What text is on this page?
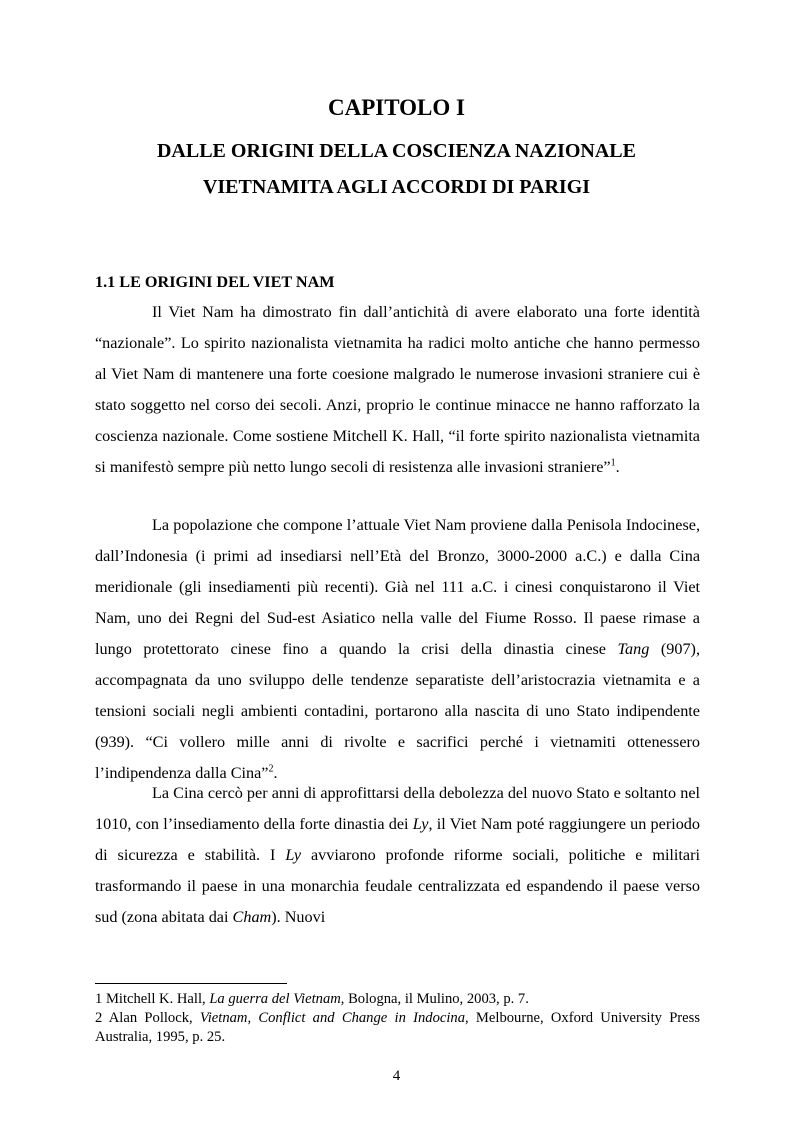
CAPITOLO I
DALLE ORIGINI DELLA COSCIENZA NAZIONALE
VIETNAMITA AGLI ACCORDI DI PARIGI
1.1 LE ORIGINI DEL VIET NAM

Il Viet Nam ha dimostrato fin dall’antichità di avere elaborato una forte identità “nazionale”. Lo spirito nazionalista vietnamita ha radici molto antiche che hanno permesso al Viet Nam di mantenere una forte coesione malgrado le numerose invasioni straniere cui è stato soggetto nel corso dei secoli. Anzi, proprio le continue minacce ne hanno rafforzato la coscienza nazionale. Come sostiene Mitchell K. Hall, “il forte spirito nazionalista vietnamita si manifestò sempre più netto lungo secoli di resistenza alle invasioni straniere”$^1$.

La popolazione che compone l’attuale Viet Nam proviene dalla Penisola Indocinese, dall’Indonesia (i primi ad insediarsi nell’Età del Bronzo, 3000-2000 a.C.) e dalla Cina meridionale (gli insediamenti più recenti). Già nel 111 a.C. i cinesi conquistarono il Viet Nam, uno dei Regni del Sud-est Asiatico nella valle del Fiume Rosso. Il paese rimase a lungo protettorato cinese fino a quando la crisi della dinastia cinese Tang (907), accompagnata da uno sviluppo delle tendenze separatiste dell’aristocrazia vietnamita e a tensioni sociali negli ambienti contadini, portarono alla nascita di uno Stato indipendente (939). “Ci vollero mille anni di rivolte e sacrifici perché i vietnamiti ottenessero l’indipendenza dalla Cina”$^2$.

La Cina cercò per anni di approfittarsi della debolezza del nuovo Stato e soltanto nel 1010, con l’insediamento della forte dinastia dei Ly, il Viet Nam poté raggiungere un periodo di sicurezza e stabilità. I Ly avviarono profonde riforme sociali, politiche e militari trasformando il paese in una monarchia feudale centralizzata ed espandendo il paese verso sud (zona abitata dai Cham). Nuovi

1 Mitchell K. Hall, La guerra del Vietnam, Bologna, il Mulino, 2003, p. 7.

2 Alan Pollock, Vietnam, Conflict and Change in Indocina, Melbourne, Oxford University Press Australia, 1995, p. 25.

4
